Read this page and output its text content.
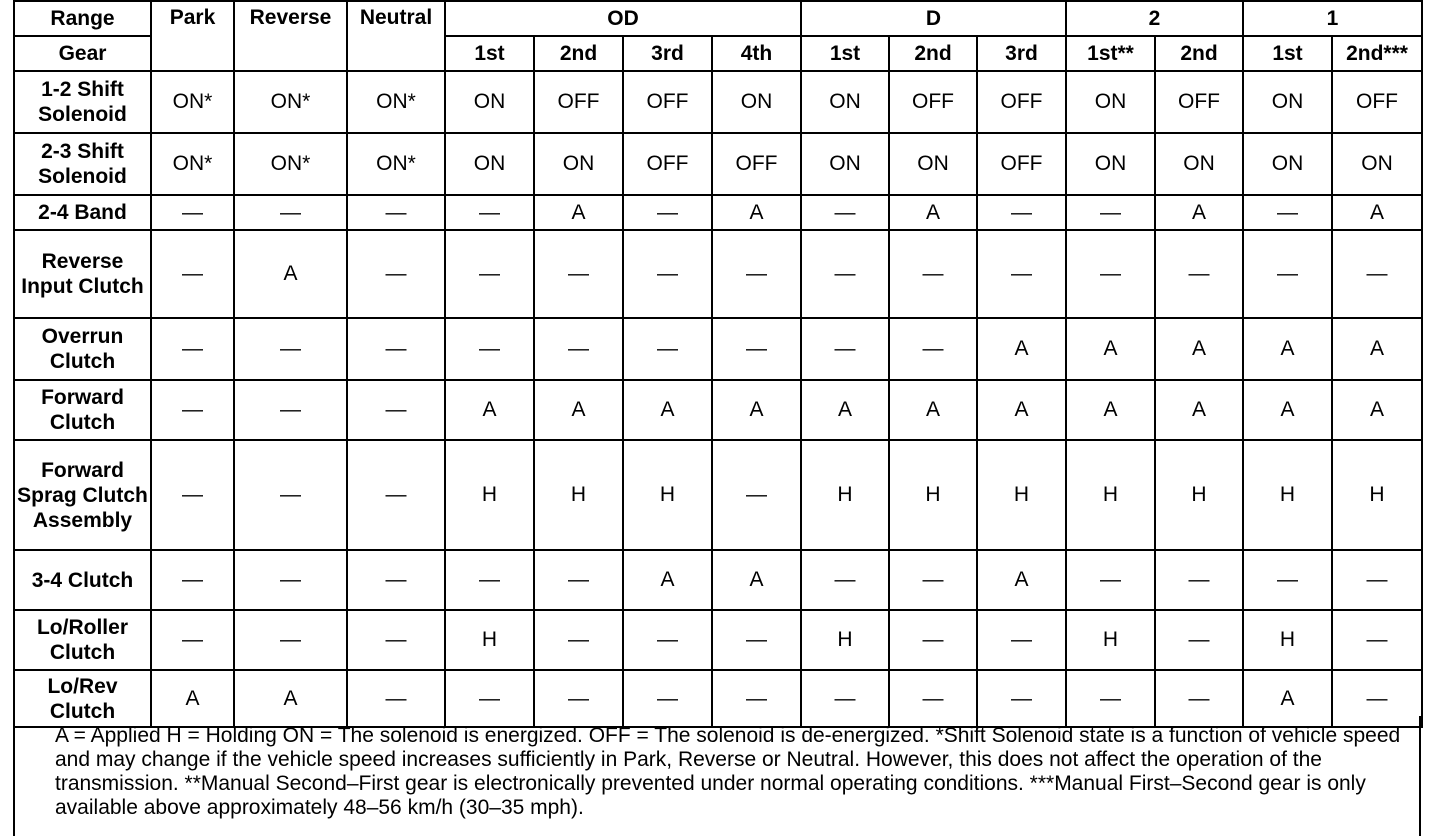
Range	Park	Reverse	Neutral	OD				D			2		1	
Gear				1st	2nd	3rd	4th	1st	2nd	3rd	1st**	2nd	1st	2nd***
1-2 Shift Solenoid	ON*	ON*	ON*	ON	OFF	OFF	ON	ON	OFF	OFF	ON	OFF	ON	OFF
2-3 Shift Solenoid	ON*	ON*	ON*	ON	ON	OFF	OFF	ON	ON	OFF	ON	ON	ON	ON
2-4 Band	—	—	—	—	A	—	A	—	A	—	—	A	—	A
Reverse Input Clutch	—	A	—	—	—	—	—	—	—	—	—	—	—	—
Overrun Clutch	—	—	—	—	—	—	—	—	—	A	A	A	A	A
Forward Clutch	—	—	—	A	A	A	A	A	A	A	A	A	A	A
Forward Sprag Clutch Assembly	—	—	—	H	H	H	—	H	H	H	H	H	H	H
3-4 Clutch	—	—	—	—	—	A	A	—	—	A	—	—	—	—
Lo/Roller Clutch	—	—	—	H	—	—	—	H	—	—	H	—	H	—
Lo/Rev Clutch	A	A	—	—	—	—	—	—	—	—	—	—	A	—
A = Applied H = Holding ON = The solenoid is energized. OFF = The solenoid is de-energized. *Shift Solenoid state is a function of vehicle speed and may change if the vehicle speed increases sufficiently in Park, Reverse or Neutral. However, this does not affect the operation of the transmission. **Manual Second–First gear is electronically prevented under normal operating conditions. ***Manual First–Second gear is only available above approximately 48–56 km/h (30–35 mph).
